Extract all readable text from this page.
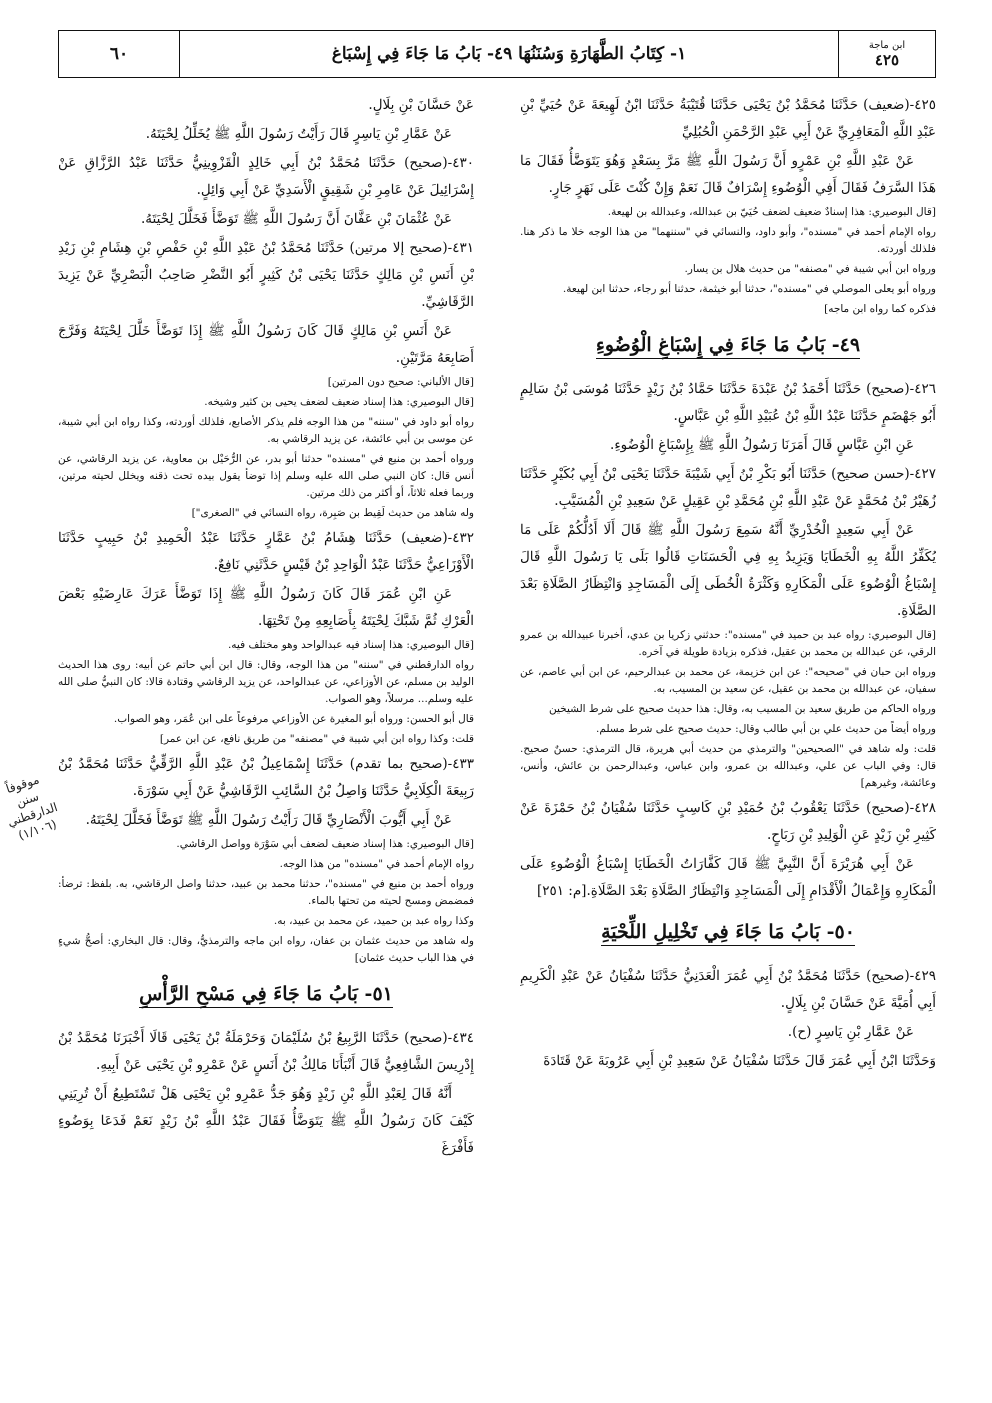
ابن ماجة
٤٢٥
١- كِتَابُ الطَّهَارَةِ وَسُنَنُهَا ٤٩- بَابُ مَا جَاءَ فِي إِسْبَاغ
٦٠

٤٢٥-(ضعيف) حَدَّثَنَا مُحَمَّدُ بْنُ يَحْيَى حَدَّثَنَا قُتَيْبَةُ حَدَّثَنَا ابْنُ لَهِيعَةَ عَنْ حُيَيِّ بْنِ عَبْدِ اللَّهِ الْمَعَافِرِيِّ عَنْ أَبِي عَبْدِ الرَّحْمَنِ الْحُبُلِيِّ

عَنْ عَبْدِ اللَّهِ بْنِ عَمْرٍو أَنَّ رَسُولَ اللَّهِ ﷺ مَرَّ بِسَعْدٍ وَهُوَ يَتَوَضَّأُ فَقَالَ مَا هَذَا السَّرَفُ فَقَالَ أَفِي الْوُضُوءِ إِسْرَافٌ قَالَ نَعَمْ وَإِنْ كُنْتَ عَلَى نَهَرٍ جَارٍ.

[قال البوصيري: هذا إسنادٌ ضعيف لضعف حُيَيّ بن عبدالله، وعبدالله بن لهيعة.

رواه الإمام أحمد في "مسنده"، وأبو داود، والنسائي في "سننهما" من هذا الوجه خلا ما ذكر هنا. فلذلك أوردته.

ورواه ابن أبي شيبة في "مصنفه" من حديث هلال بن يسار.

ورواه أبو يعلى الموصلي في "مسنده"، حدثنا أبو خيثمة، حدثنا أبو رجاء، حدثنا ابن لهيعة.

فذكره كما رواه ابن ماجه]

٤٩- بَابُ مَا جَاءَ فِي إِسْبَاغِ الْوُضُوءِ

٤٢٦-(صحيح) حَدَّثَنَا أَحْمَدُ بْنُ عَبْدَةَ حَدَّثَنَا حَمَّادُ بْنُ زَيْدٍ حَدَّثَنَا مُوسَى بْنُ سَالِمٍ أَبُو جَهْضَمٍ حَدَّثَنَا عَبْدُ اللَّهِ بْنُ عُبَيْدِ اللَّهِ بْنِ عَبَّاسٍ.

عَنِ ابْنِ عَبَّاسٍ قَالَ أَمَرَنَا رَسُولُ اللَّهِ ﷺ بِإِسْبَاغِ الْوُضُوءِ.

٤٢٧-(حسن صحيح) حَدَّثَنَا أَبُو بَكْرِ بْنُ أَبِي شَيْبَةَ حَدَّثَنَا يَحْيَى بْنُ أَبِي بُكَيْرٍ حَدَّثَنَا زُهَيْرُ بْنُ مُحَمَّدٍ عَنْ عَبْدِ اللَّهِ بْنِ مُحَمَّدِ بْنِ عَقِيلٍ عَنْ سَعِيدِ بْنِ الْمُسَيَّبِ.

عَنْ أَبِي سَعِيدٍ الْخُدْرِيِّ أَنَّهُ سَمِعَ رَسُولَ اللَّهِ ﷺ قَالَ أَلَا أَدُلُّكُمْ عَلَى مَا يُكَفِّرُ اللَّهُ بِهِ الْخَطَايَا وَيَزِيدُ بِهِ فِي الْحَسَنَاتِ قَالُوا بَلَى يَا رَسُولَ اللَّهِ قَالَ إِسْبَاغُ الْوُضُوءِ عَلَى الْمَكَارِهِ وَكَثْرَةُ الْخُطَى إِلَى الْمَسَاجِدِ وَانْتِظَارُ الصَّلَاةِ بَعْدَ الصَّلَاةِ.

[قال البوصيري: رواه عبد بن حميد في "مسنده": حدثني زكريا بن عدي، أخبرنا عبيدالله بن عمرو الرقي، عن عبدالله بن محمد بن عقيل، فذكره بزيادة طويلة في آخره.

ورواه ابن حبان في "صحيحه": عن ابن خزيمة، عن محمد بن عبدالرحيم، عن ابن أبي عاصم، عن سفيان، عن عبدالله بن محمد بن عقيل، عن سعيد بن المسيب، به.

ورواه الحاكم من طريق سعيد بن المسيب به، وقال: هذا حديث صحيح على شرط الشيخين

ورواه أيضاً من حديث علي بن أبي طالب وقال: حديث صحيح على شرط مسلم.

قلت: وله شاهد في "الصحيحين" والترمذي من حديث أبي هريرة، قال الترمذي: حسنٌ صحيح. قال: وفي الباب عن علي، وعبدالله بن عمرو، وابن عباس، وعبدالرحمن بن عائش، وأنس، وعائشة، وغيرهم]

٤٢٨-(صحيح) حَدَّثَنَا يَعْقُوبُ بْنُ حُمَيْدِ بْنِ كَاسِبٍ حَدَّثَنَا سُفْيَانُ بْنُ حَمْزَةَ عَنْ كَثِيرِ بْنِ زَيْدٍ عَنِ الْوَلِيدِ بْنِ رَبَاحٍ.

عَنْ أَبِي هُرَيْرَةَ أَنَّ النَّبِيَّ ﷺ قَالَ كَفَّارَاتُ الْخَطَايَا إِسْبَاغُ الْوُضُوءِ عَلَى الْمَكَارِهِ وَإِعْمَالُ الْأَقْدَامِ إِلَى الْمَسَاجِدِ وَانْتِظَارُ الصَّلَاةِ بَعْدَ الصَّلَاةِ.[م: ٢٥١]

٥٠- بَابُ مَا جَاءَ فِي تَخْلِيلِ اللِّحْيَةِ

٤٢٩-(صحيح) حَدَّثَنَا مُحَمَّدُ بْنُ أَبِي عُمَرَ الْعَدَنِيُّ حَدَّثَنَا سُفْيَانُ عَنْ عَبْدِ الْكَرِيمِ أَبِي أُمَيَّةَ عَنْ حَسَّانَ بْنِ بِلَالٍ.

عَنْ عَمَّارِ بْنِ يَاسِرٍ (ح).

وَحَدَّثَنَا ابْنُ أَبِي عُمَرَ قَالَ حَدَّثَنَا سُفْيَانُ عَنْ سَعِيدِ بْنِ أَبِي عَرُوبَةَ عَنْ قَتَادَةَ

عَنْ حَسَّانَ بْنِ بِلَالٍ.

عَنْ عَمَّارِ بْنِ يَاسِرٍ قَالَ رَأَيْتُ رَسُولَ اللَّهِ ﷺ يُخَلِّلُ لِحْيَتَهُ.

٤٣٠-(صحيح) حَدَّثَنَا مُحَمَّدُ بْنُ أَبِي خَالِدٍ الْقَزْوِينِيُّ حَدَّثَنَا عَبْدُ الرَّزَّاقِ عَنْ إِسْرَائِيلَ عَنْ عَامِرِ بْنِ شَقِيقٍ الْأَسَدِيِّ عَنْ أَبِي وَائِلٍ.

عَنْ عُثْمَانَ بْنِ عَفَّانَ أَنَّ رَسُولَ اللَّهِ ﷺ تَوَضَّأَ فَخَلَّلَ لِحْيَتَهُ.

٤٣١-(صحيح إلا مرتين) حَدَّثَنَا مُحَمَّدُ بْنُ عَبْدِ اللَّهِ بْنِ حَفْصِ بْنِ هِشَامِ بْنِ زَيْدِ بْنِ أَنَسِ بْنِ مَالِكٍ حَدَّثَنَا يَحْيَى بْنُ كَثِيرٍ أَبُو النَّضْرِ صَاحِبُ الْبَصْرِيِّ عَنْ يَزِيدَ الرَّقَاشِيِّ.

عَنْ أَنَسِ بْنِ مَالِكٍ قَالَ كَانَ رَسُولُ اللَّهِ ﷺ إِذَا تَوَضَّأَ خَلَّلَ لِحْيَتَهُ وَفَرَّجَ أَصَابِعَهُ مَرَّتَيْنِ.

[قال الألباني: صحيح دون المرتين]

[قال البوصيري: هذا إسناد ضعيف لضعف يحيى بن كثير وشيخه.

رواه أبو داود في "سننه" من هذا الوجه فلم يذكر الأصابع، فلذلك أوردته، وكذا رواه ابن أبي شيبة، عن موسى بن أبي عائشة، عن يزيد الرقاشي به.

ورواه أحمد بن منيع في "مسنده" حدثنا أبو بدر، عن الرُّحَيْل بن معاوية، عن يزيد الرقاشي، عن أنس قال: كان النبي صلى الله عليه وسلم إذا توضأ يقول بيده تحت ذقنه ويخلل لحيته مرتين، وربما فعله ثلاثاً، أو أكثر من ذلك مرتين.

وله شاهد من حديث لَقِيط بن صَبِرة، رواه النسائي في "الصغرى"]

٤٣٢-(ضعيف) حَدَّثَنَا هِشَامُ بْنُ عَمَّارٍ حَدَّثَنَا عَبْدُ الْحَمِيدِ بْنُ حَبِيبٍ حَدَّثَنَا الْأَوْزَاعِيُّ حَدَّثَنَا عَبْدُ الْوَاحِدِ بْنُ قَيْسٍ حَدَّثَنِي نَافِعٌ.

عَنِ ابْنِ عُمَرَ قَالَ كَانَ رَسُولُ اللَّهِ ﷺ إِذَا تَوَضَّأَ عَرَكَ عَارِضَيْهِ بَعْضَ الْعَرْكِ ثُمَّ شَبَّكَ لِحْيَتَهُ بِأَصَابِعِهِ مِنْ تَحْتِهَا.

[قال البوصيري: هذا إسناد فيه عبدالواحد وهو مختلف فيه.

رواه الدارقطني في "سننه" من هذا الوجه، وقال: قال ابن أبي حاتم عن أبيه: روى هذا الحديث الوليد بن مسلم، عن الأوزاعي، عن عبدالواحد، عن يزيد الرقاشي وقتادة قالا: كان النبيُّ صلى الله عليه وسلم... مرسلاً، وهو الصواب.

قال أبو الحسن: ورواه أبو المغيرة عن الأوزاعي مرفوعاً على ابن عُمَر، وهو الصواب.

قلت: وكذا رواه ابن أبي شيبة في "مصنفه" من طريق نافع، عن ابن عمر]

٤٣٣-(صحيح بما تقدم) حَدَّثَنَا إِسْمَاعِيلُ بْنُ عَبْدِ اللَّهِ الرَّقِّيُّ حَدَّثَنَا مُحَمَّدُ بْنُ رَبِيعَةَ الْكِلَابِيُّ حَدَّثَنَا وَاصِلُ بْنُ السَّائِبِ الرَّقَاشِيُّ عَنْ أَبِي سَوْرَةَ.

عَنْ أَبِي أَيُّوبَ الْأَنْصَارِيِّ قَالَ رَأَيْتُ رَسُولَ اللَّهِ ﷺ تَوَضَّأَ فَخَلَّلَ لِحْيَتَهُ.

[قال البوصيري: هذا إسناد ضعيف لضعف أبي سَوْرَة وواصل الرقاشي.

رواه الإمام أحمد في "مسنده" من هذا الوجه.

ورواه أحمد بن منيع في "مسنده"، حدثنا محمد بن عبيد، حدثنا واصل الرقاشي، به. بلفظ: ترضأ: فمضمض ومسح لحيته من تحتها بالماء.

وكذا رواه عبد بن حميد، عن محمد بن عبيد، به.

وله شاهد من حديث عثمان بن عفان، رواه ابن ماجه والترمذيُّ، وقال: قال البخاري: أصحُّ شيءٍ في هذا الباب حديث عثمان]

٥١- بَابُ مَا جَاءَ فِي مَسْحِ الرَّأْسِ

٤٣٤-(صحيح) حَدَّثَنَا الرَّبِيعُ بْنُ سُلَيْمَانَ وَحَرْمَلَةُ بْنُ يَحْيَى قَالَا أَخْبَرَنَا مُحَمَّدُ بْنُ إِدْرِيسَ الشَّافِعِيُّ قَالَ أَنْبَأَنَا مَالِكُ بْنُ أَنَسٍ عَنْ عَمْرِو بْنِ يَحْيَى عَنْ أَبِيهِ.

أَنَّهُ قَالَ لِعَبْدِ اللَّهِ بْنِ زَيْدٍ وَهُوَ جَدُّ عَمْرِو بْنِ يَحْيَى هَلْ تَسْتَطِيعُ أَنْ تُرِيَنِي كَيْفَ كَانَ رَسُولُ اللَّهِ ﷺ يَتَوَضَّأُ فَقَالَ عَبْدُ اللَّهِ بْنُ زَيْدٍ نَعَمْ فَدَعَا بِوَضُوءٍ فَأَفْرَغَ

موقوفاً سنن الدارقطني (١/١٠٦)
